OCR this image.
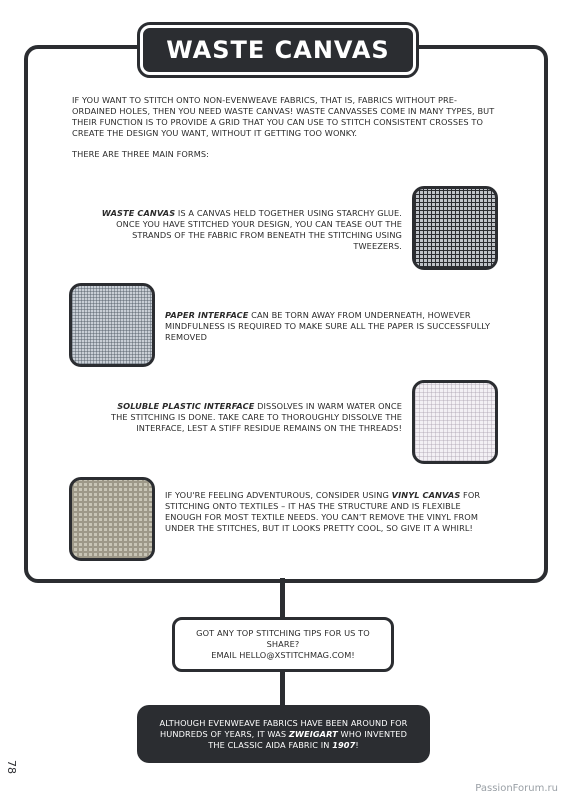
WASTE CANVAS

IF YOU WANT TO STITCH ONTO NON-EVENWEAVE FABRICS, THAT IS, FABRICS WITHOUT PRE-ORDAINED HOLES, THEN YOU NEED WASTE CANVAS! WASTE CANVASSES COME IN MANY TYPES, BUT THEIR FUNCTION IS TO PROVIDE A GRID THAT YOU CAN USE TO STITCH CONSISTENT CROSSES TO CREATE THE DESIGN YOU WANT, WITHOUT IT GETTING TOO WONKY.

THERE ARE THREE MAIN FORMS:

WASTE CANVAS IS A CANVAS HELD TOGETHER USING STARCHY GLUE. ONCE YOU HAVE STITCHED YOUR DESIGN, YOU CAN TEASE OUT THE STRANDS OF THE FABRIC FROM BENEATH THE STITCHING USING TWEEZERS.
PAPER INTERFACE CAN BE TORN AWAY FROM UNDERNEATH, HOWEVER MINDFULNESS IS REQUIRED TO MAKE SURE ALL THE PAPER IS SUCCESSFULLY REMOVED
SOLUBLE PLASTIC INTERFACE DISSOLVES IN WARM WATER ONCE THE STITCHING IS DONE. TAKE CARE TO THOROUGHLY DISSOLVE THE INTERFACE, LEST A STIFF RESIDUE REMAINS ON THE THREADS!
IF YOU'RE FEELING ADVENTUROUS, CONSIDER USING VINYL CANVAS FOR STITCHING ONTO TEXTILES – IT HAS THE STRUCTURE AND IS FLEXIBLE ENOUGH FOR MOST TEXTILE NEEDS. YOU CAN'T REMOVE THE VINYL FROM UNDER THE STITCHES, BUT IT LOOKS PRETTY COOL, SO GIVE IT A WHIRL!
GOT ANY TOP STITCHING TIPS FOR US TO SHARE?
EMAIL HELLO@XSTITCHMAG.COM!
ALTHOUGH EVENWEAVE FABRICS HAVE BEEN AROUND FOR HUNDREDS OF YEARS, IT WAS ZWEIGART WHO INVENTED THE CLASSIC AIDA FABRIC IN 1907!
78
PassionForum.ru
